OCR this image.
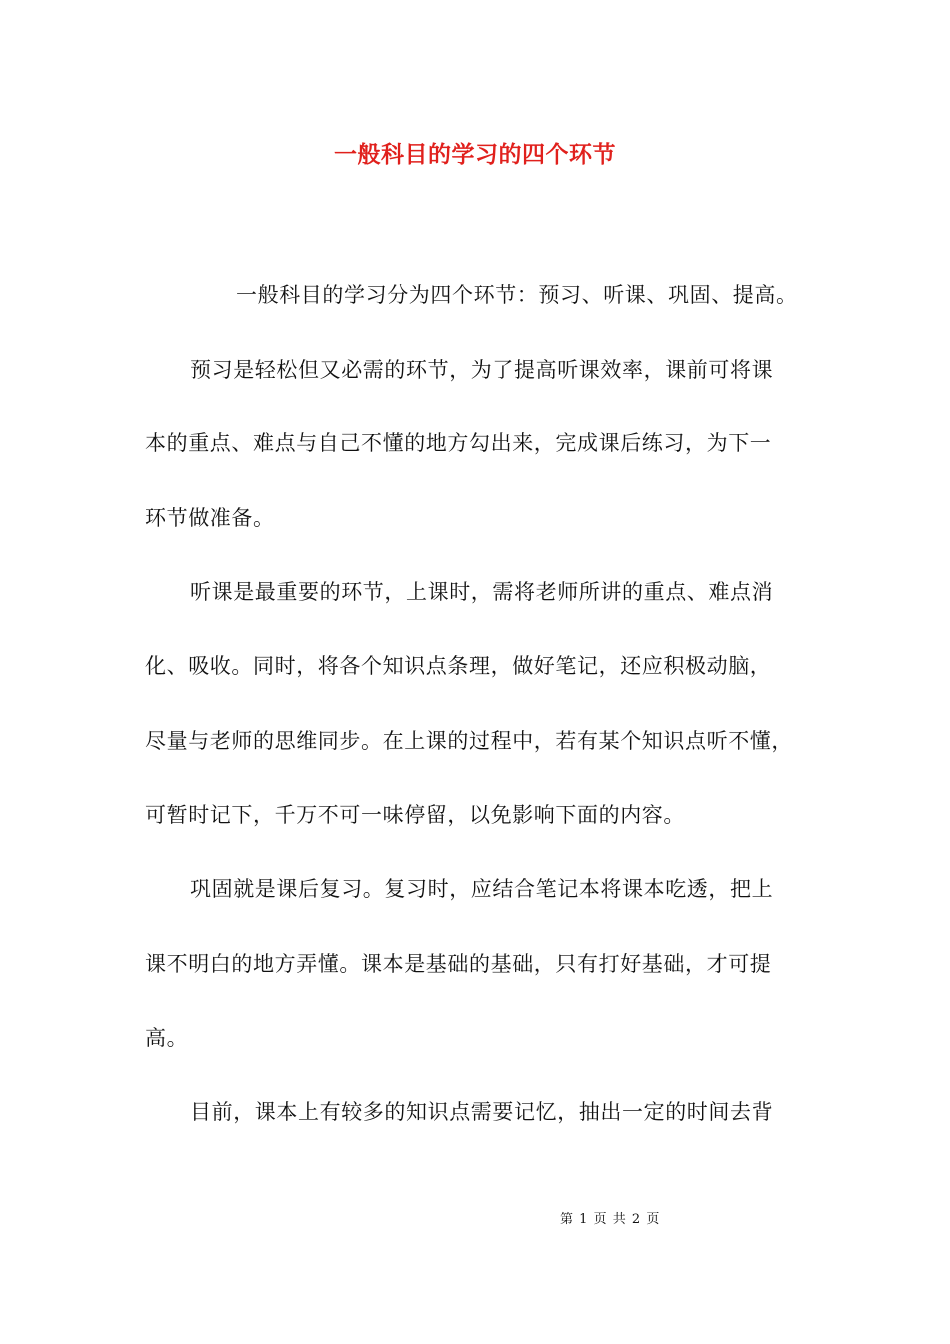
一般科目的学习的四个环节
一般科目的学习分为四个环节：预习、听课、巩固、提高。
预习是轻松但又必需的环节，为了提高听课效率，课前可将课
本的重点、难点与自己不懂的地方勾出来，完成课后练习，为下一
环节做准备。
听课是最重要的环节，上课时，需将老师所讲的重点、难点消
化、吸收。同时，将各个知识点条理，做好笔记，还应积极动脑，
尽量与老师的思维同步。在上课的过程中，若有某个知识点听不懂，
可暂时记下，千万不可一味停留，以免影响下面的内容。
巩固就是课后复习。复习时，应结合笔记本将课本吃透，把上
课不明白的地方弄懂。课本是基础的基础，只有打好基础，才可提
高。
目前，课本上有较多的知识点需要记忆，抽出一定的时间去背
第 1 页 共 2 页
